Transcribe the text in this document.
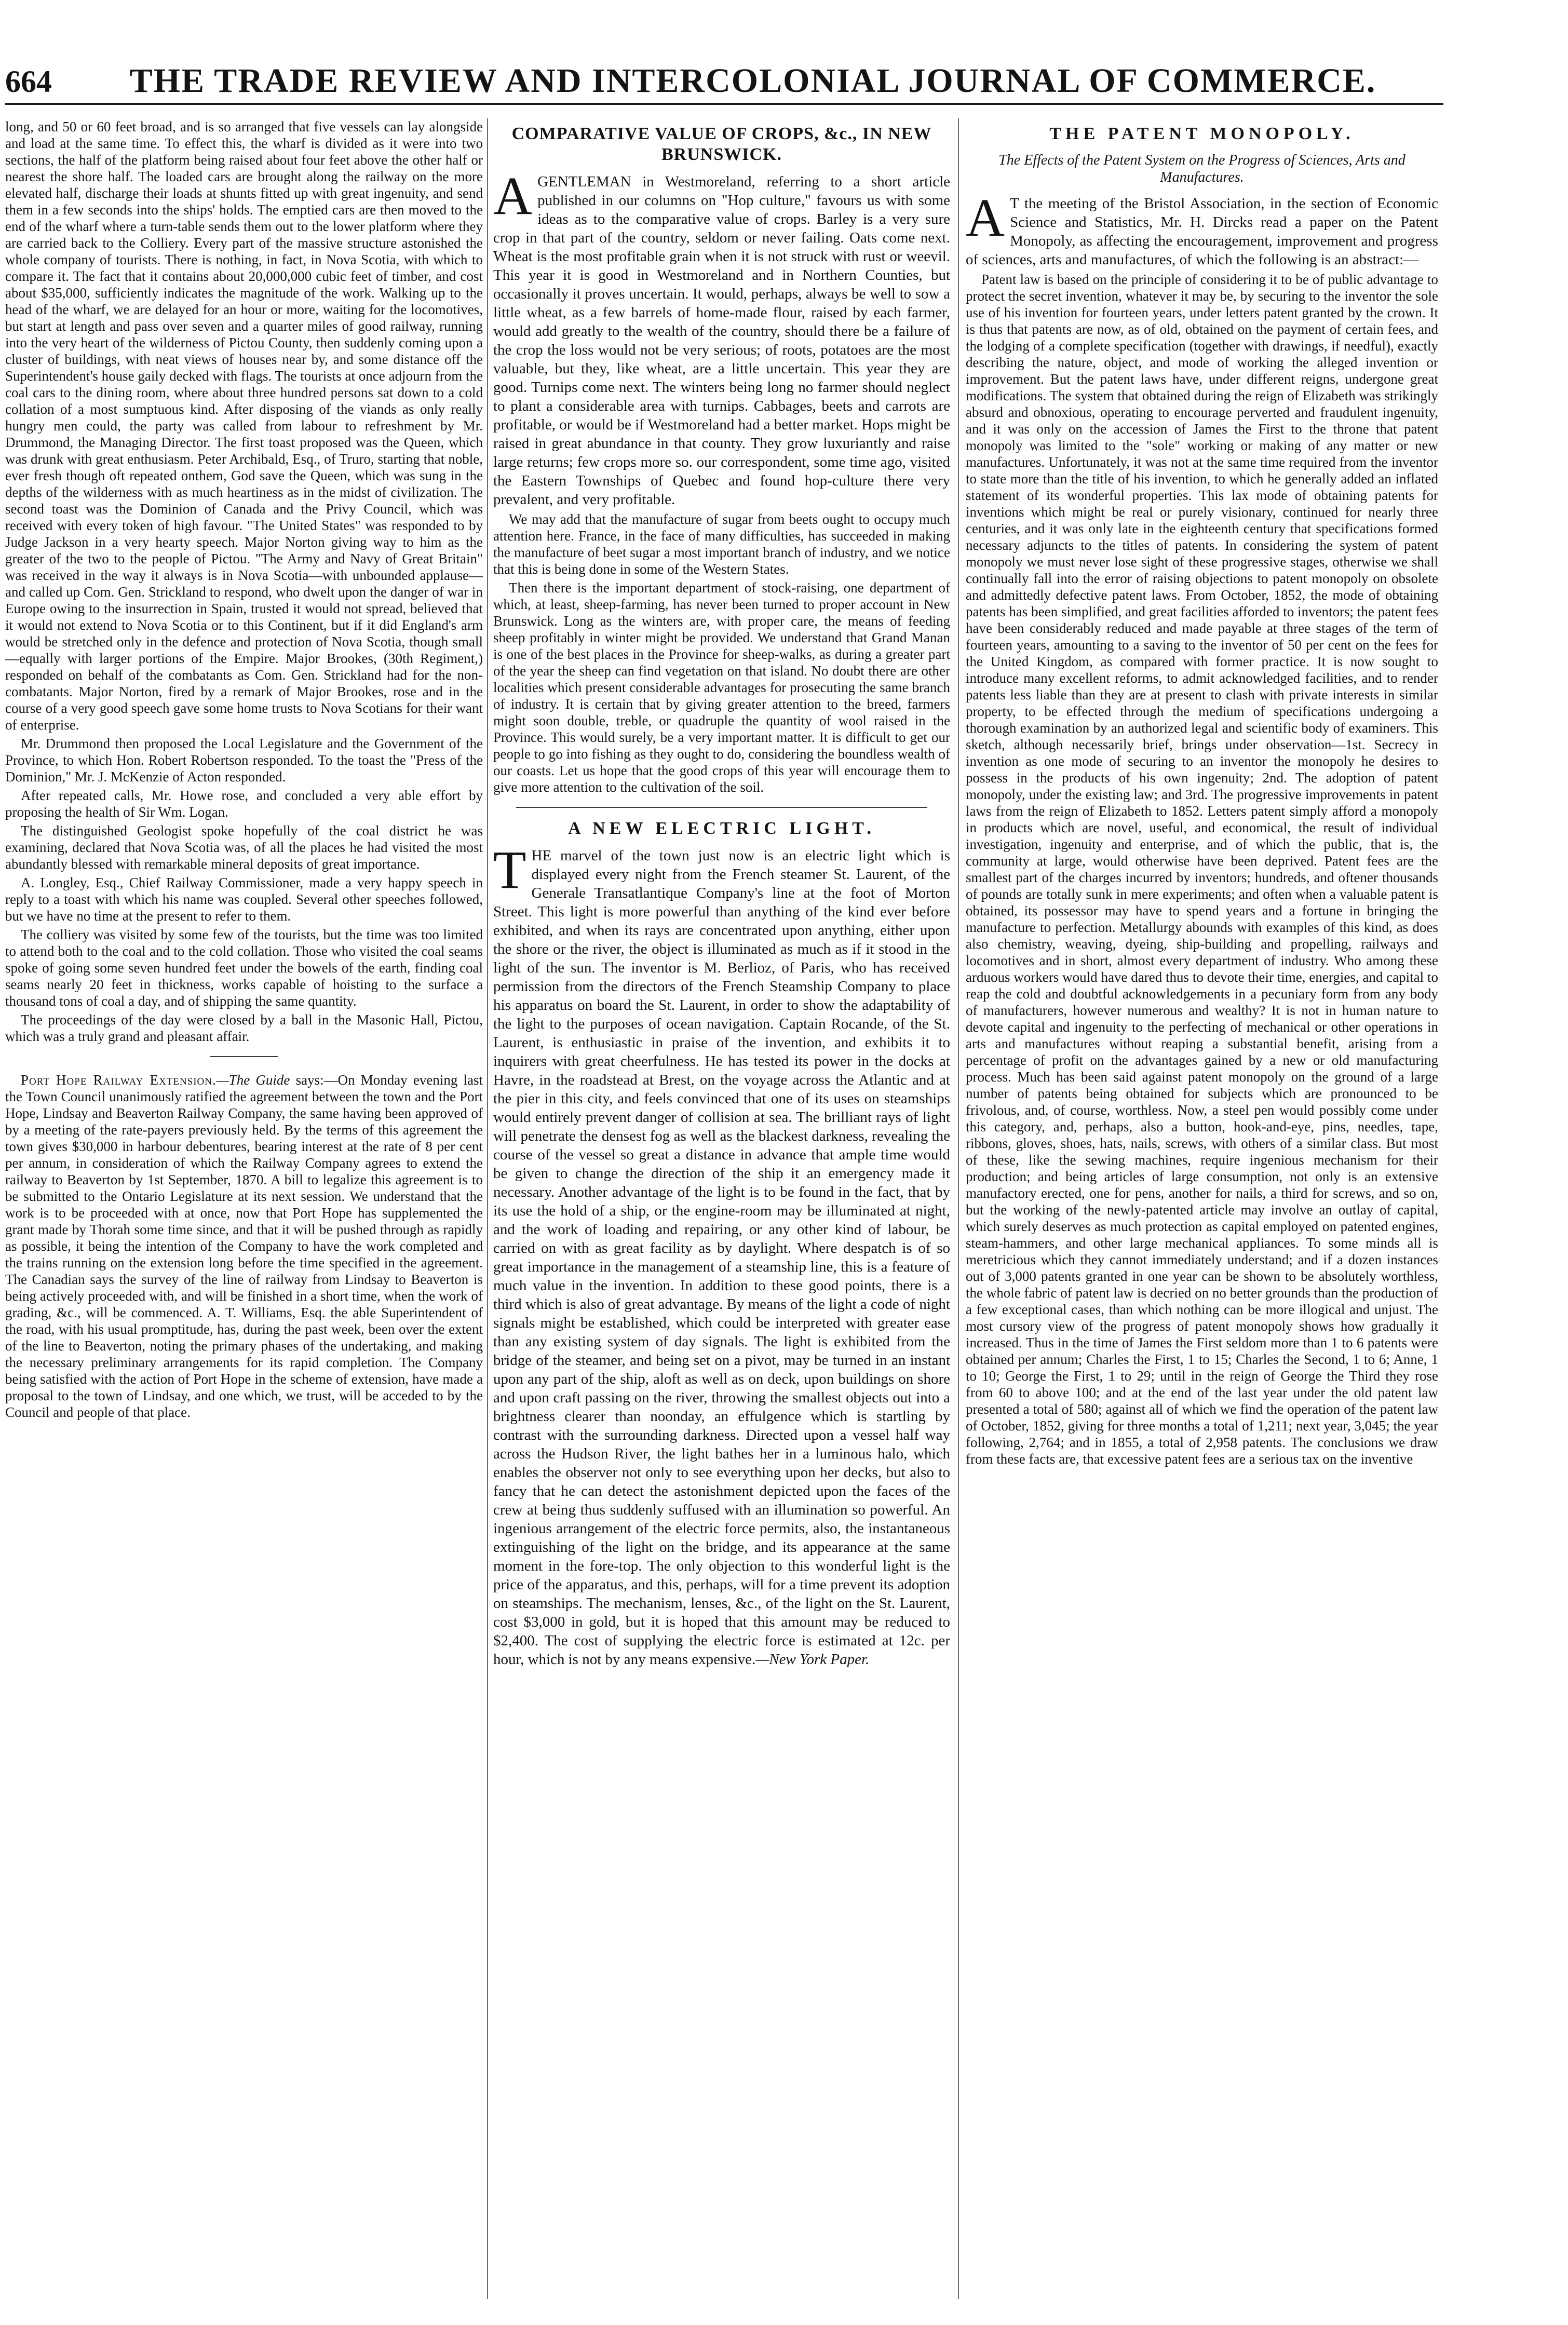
664	THE TRADE REVIEW AND INTERCOLONIAL JOURNAL OF COMMERCE.

long, and 50 or 60 feet broad, and is so arranged that five vessels can lay alongside and load at the same time. To effect this, the wharf is divided as it were into two sections, the half of the platform being raised about four feet above the other half or nearest the shore half. The loaded cars are brought along the railway on the more elevated half, discharge their loads at shunts fitted up with great ingenuity, and send them in a few seconds into the ships' holds. The emptied cars are then moved to the end of the wharf where a turn-table sends them out to the lower platform where they are carried back to the Colliery. Every part of the massive structure astonished the whole company of tourists. There is nothing, in fact, in Nova Scotia, with which to compare it. The fact that it contains about 20,000,000 cubic feet of timber, and cost about $35,000, sufficiently indicates the magnitude of the work. Walking up to the head of the wharf, we are delayed for an hour or more, waiting for the locomotives, but start at length and pass over seven and a quarter miles of good railway, running into the very heart of the wilderness of Pictou County, then suddenly coming upon a cluster of buildings, with neat views of houses near by, and some distance off the Superintendent's house gaily decked with flags. The tourists at once adjourn from the coal cars to the dining room, where about three hundred persons sat down to a cold collation of a most sumptuous kind. After disposing of the viands as only really hungry men could, the party was called from labour to refreshment by Mr. Drummond, the Managing Director. The first toast proposed was the Queen, which was drunk with great enthusiasm. Peter Archibald, Esq., of Truro, starting that noble, ever fresh though oft repeated onthem, God save the Queen, which was sung in the depths of the wilderness with as much heartiness as in the midst of civilization. The second toast was the Dominion of Canada and the Privy Council, which was received with every token of high favour. "The United States" was responded to by Judge Jackson in a very hearty speech. Major Norton giving way to him as the greater of the two to the people of Pictou. "The Army and Navy of Great Britain" was received in the way it always is in Nova Scotia—with unbounded applause—and called up Com. Gen. Strickland to respond, who dwelt upon the danger of war in Europe owing to the insurrection in Spain, trusted it would not spread, believed that it would not extend to Nova Scotia or to this Continent, but if it did England's arm would be stretched only in the defence and protection of Nova Scotia, though small—equally with larger portions of the Empire. Major Brookes, (30th Regiment,) responded on behalf of the combatants as Com. Gen. Strickland had for the non-combatants. Major Norton, fired by a remark of Major Brookes, rose and in the course of a very good speech gave some home trusts to Nova Scotians for their want of enterprise.

Mr. Drummond then proposed the Local Legislature and the Government of the Province, to which Hon. Robert Robertson responded. To the toast the "Press of the Dominion," Mr. J. McKenzie of Acton responded.

After repeated calls, Mr. Howe rose, and concluded a very able effort by proposing the health of Sir Wm. Logan.

The distinguished Geologist spoke hopefully of the coal district he was examining, declared that Nova Scotia was, of all the places he had visited the most abundantly blessed with remarkable mineral deposits of great importance.

A. Longley, Esq., Chief Railway Commissioner, made a very happy speech in reply to a toast with which his name was coupled. Several other speeches followed, but we have no time at the present to refer to them.

The colliery was visited by some few of the tourists, but the time was too limited to attend both to the coal and to the cold collation. Those who visited the coal seams spoke of going some seven hundred feet under the bowels of the earth, finding coal seams nearly 20 feet in thickness, works capable of hoisting to the surface a thousand tons of coal a day, and of shipping the same quantity.

The proceedings of the day were closed by a ball in the Masonic Hall, Pictou, which was a truly grand and pleasant affair.

Port Hope Railway Extension.—The Guide says:—On Monday evening last the Town Council unanimously ratified the agreement between the town and the Port Hope, Lindsay and Beaverton Railway Company, the same having been approved of by a meeting of the rate-payers previously held. By the terms of this agreement the town gives $30,000 in harbour debentures, bearing interest at the rate of 8 per cent per annum, in consideration of which the Railway Company agrees to extend the railway to Beaverton by 1st September, 1870. A bill to legalize this agreement is to be submitted to the Ontario Legislature at its next session. We understand that the work is to be proceeded with at once, now that Port Hope has supplemented the grant made by Thorah some time since, and that it will be pushed through as rapidly as possible, it being the intention of the Company to have the work completed and the trains running on the extension long before the time specified in the agreement. The Canadian says the survey of the line of railway from Lindsay to Beaverton is being actively proceeded with, and will be finished in a short time, when the work of grading, &c., will be commenced. A. T. Williams, Esq. the able Superintendent of the road, with his usual promptitude, has, during the past week, been over the extent of the line to Beaverton, noting the primary phases of the undertaking, and making the necessary preliminary arrangements for its rapid completion. The Company being satisfied with the action of Port Hope in the scheme of extension, have made a proposal to the town of Lindsay, and one which, we trust, will be acceded to by the Council and people of that place.

COMPARATIVE VALUE OF CROPS, &c., IN NEW BRUNSWICK.

AGENTLEMAN in Westmoreland, referring to a short article published in our columns on "Hop culture," favours us with some ideas as to the comparative value of crops. Barley is a very sure crop in that part of the country, seldom or never failing. Oats come next. Wheat is the most profitable grain when it is not struck with rust or weevil. This year it is good in Westmoreland and in Northern Counties, but occasionally it proves uncertain. It would, perhaps, always be well to sow a little wheat, as a few barrels of home-made flour, raised by each farmer, would add greatly to the wealth of the country, should there be a failure of the crop the loss would not be very serious; of roots, potatoes are the most valuable, but they, like wheat, are a little uncertain. This year they are good. Turnips come next. The winters being long no farmer should neglect to plant a considerable area with turnips. Cabbages, beets and carrots are profitable, or would be if Westmoreland had a better market. Hops might be raised in great abundance in that county. They grow luxuriantly and raise large returns; few crops more so. our correspondent, some time ago, visited the Eastern Townships of Quebec and found hop-culture there very prevalent, and very profitable.

We may add that the manufacture of sugar from beets ought to occupy much attention here. France, in the face of many difficulties, has succeeded in making the manufacture of beet sugar a most important branch of industry, and we notice that this is being done in some of the Western States.

Then there is the important department of stock-raising, one department of which, at least, sheep-farming, has never been turned to proper account in New Brunswick. Long as the winters are, with proper care, the means of feeding sheep profitably in winter might be provided. We understand that Grand Manan is one of the best places in the Province for sheep-walks, as during a greater part of the year the sheep can find vegetation on that island. No doubt there are other localities which present considerable advantages for prosecuting the same branch of industry. It is certain that by giving greater attention to the breed, farmers might soon double, treble, or quadruple the quantity of wool raised in the Province. This would surely, be a very important matter. It is difficult to get our people to go into fishing as they ought to do, considering the boundless wealth of our coasts. Let us hope that the good crops of this year will encourage them to give more attention to the cultivation of the soil.

A NEW ELECTRIC LIGHT.

THE marvel of the town just now is an electric light which is displayed every night from the French steamer St. Laurent, of the Generale Transatlantique Company's line at the foot of Morton Street. This light is more powerful than anything of the kind ever before exhibited, and when its rays are concentrated upon anything, either upon the shore or the river, the object is illuminated as much as if it stood in the light of the sun. The inventor is M. Berlioz, of Paris, who has received permission from the directors of the French Steamship Company to place his apparatus on board the St. Laurent, in order to show the adaptability of the light to the purposes of ocean navigation. Captain Rocande, of the St. Laurent, is enthusiastic in praise of the invention, and exhibits it to inquirers with great cheerfulness. He has tested its power in the docks at Havre, in the roadstead at Brest, on the voyage across the Atlantic and at the pier in this city, and feels convinced that one of its uses on steamships would entirely prevent danger of collision at sea. The brilliant rays of light will penetrate the densest fog as well as the blackest darkness, revealing the course of the vessel so great a distance in advance that ample time would be given to change the direction of the ship it an emergency made it necessary. Another advantage of the light is to be found in the fact, that by its use the hold of a ship, or the engine-room may be illuminated at night, and the work of loading and repairing, or any other kind of labour, be carried on with as great facility as by daylight. Where despatch is of so great importance in the management of a steamship line, this is a feature of much value in the invention. In addition to these good points, there is a third which is also of great advantage. By means of the light a code of night signals might be established, which could be interpreted with greater ease than any existing system of day signals. The light is exhibited from the bridge of the steamer, and being set on a pivot, may be turned in an instant upon any part of the ship, aloft as well as on deck, upon buildings on shore and upon craft passing on the river, throwing the smallest objects out into a brightness clearer than noonday, an effulgence which is startling by contrast with the surrounding darkness. Directed upon a vessel half way across the Hudson River, the light bathes her in a luminous halo, which enables the observer not only to see everything upon her decks, but also to fancy that he can detect the astonishment depicted upon the faces of the crew at being thus suddenly suffused with an illumination so powerful. An ingenious arrangement of the electric force permits, also, the instantaneous extinguishing of the light on the bridge, and its appearance at the same moment in the fore-top. The only objection to this wonderful light is the price of the apparatus, and this, perhaps, will for a time prevent its adoption on steamships. The mechanism, lenses, &c., of the light on the St. Laurent, cost $3,000 in gold, but it is hoped that this amount may be reduced to $2,400. The cost of supplying the electric force is estimated at 12c. per hour, which is not by any means expensive.—New York Paper.

THE PATENT MONOPOLY.
The Effects of the Patent System on the Progress of Sciences, Arts and Manufactures.

A T the meeting of the Bristol Association, in the section of Economic Science and Statistics, Mr. H. Dircks read a paper on the Patent Monopoly, as affecting the encouragement, improvement and progress of sciences, arts and manufactures, of which the following is an abstract:—

Patent law is based on the principle of considering it to be of public advantage to protect the secret invention, whatever it may be, by securing to the inventor the sole use of his invention for fourteen years, under letters patent granted by the crown. It is thus that patents are now, as of old, obtained on the payment of certain fees, and the lodging of a complete specification (together with drawings, if needful), exactly describing the nature, object, and mode of working the alleged invention or improvement. But the patent laws have, under different reigns, undergone great modifications. The system that obtained during the reign of Elizabeth was strikingly absurd and obnoxious, operating to encourage perverted and fraudulent ingenuity, and it was only on the accession of James the First to the throne that patent monopoly was limited to the "sole" working or making of any matter or new manufactures. Unfortunately, it was not at the same time required from the inventor to state more than the title of his invention, to which he generally added an inflated statement of its wonderful properties. This lax mode of obtaining patents for inventions which might be real or purely visionary, continued for nearly three centuries, and it was only late in the eighteenth century that specifications formed necessary adjuncts to the titles of patents. In considering the system of patent monopoly we must never lose sight of these progressive stages, otherwise we shall continually fall into the error of raising objections to patent monopoly on obsolete and admittedly defective patent laws. From October, 1852, the mode of obtaining patents has been simplified, and great facilities afforded to inventors; the patent fees have been considerably reduced and made payable at three stages of the term of fourteen years, amounting to a saving to the inventor of 50 per cent on the fees for the United Kingdom, as compared with former practice. It is now sought to introduce many excellent reforms, to admit acknowledged facilities, and to render patents less liable than they are at present to clash with private interests in similar property, to be effected through the medium of specifications undergoing a thorough examination by an authorized legal and scientific body of examiners. This sketch, although necessarily brief, brings under observation—1st. Secrecy in invention as one mode of securing to an inventor the monopoly he desires to possess in the products of his own ingenuity; 2nd. The adoption of patent monopoly, under the existing law; and 3rd. The progressive improvements in patent laws from the reign of Elizabeth to 1852. Letters patent simply afford a monopoly in products which are novel, useful, and economical, the result of individual investigation, ingenuity and enterprise, and of which the public, that is, the community at large, would otherwise have been deprived. Patent fees are the smallest part of the charges incurred by inventors; hundreds, and oftener thousands of pounds are totally sunk in mere experiments; and often when a valuable patent is obtained, its possessor may have to spend years and a fortune in bringing the manufacture to perfection. Metallurgy abounds with examples of this kind, as does also chemistry, weaving, dyeing, ship-building and propelling, railways and locomotives and in short, almost every department of industry. Who among these arduous workers would have dared thus to devote their time, energies, and capital to reap the cold and doubtful acknowledgements in a pecuniary form from any body of manufacturers, however numerous and wealthy? It is not in human nature to devote capital and ingenuity to the perfecting of mechanical or other operations in arts and manufactures without reaping a substantial benefit, arising from a percentage of profit on the advantages gained by a new or old manufacturing process. Much has been said against patent monopoly on the ground of a large number of patents being obtained for subjects which are pronounced to be frivolous, and, of course, worthless. Now, a steel pen would possibly come under this category, and, perhaps, also a button, hook-and-eye, pins, needles, tape, ribbons, gloves, shoes, hats, nails, screws, with others of a similar class. But most of these, like the sewing machines, require ingenious mechanism for their production; and being articles of large consumption, not only is an extensive manufactory erected, one for pens, another for nails, a third for screws, and so on, but the working of the newly-patented article may involve an outlay of capital, which surely deserves as much protection as capital employed on patented engines, steam-hammers, and other large mechanical appliances. To some minds all is meretricious which they cannot immediately understand; and if a dozen instances out of 3,000 patents granted in one year can be shown to be absolutely worthless, the whole fabric of patent law is decried on no better grounds than the production of a few exceptional cases, than which nothing can be more illogical and unjust. The most cursory view of the progress of patent monopoly shows how gradually it increased. Thus in the time of James the First seldom more than 1 to 6 patents were obtained per annum; Charles the First, 1 to 15; Charles the Second, 1 to 6; Anne, 1 to 10; George the First, 1 to 29; until in the reign of George the Third they rose from 60 to above 100; and at the end of the last year under the old patent law presented a total of 580; against all of which we find the operation of the patent law of October, 1852, giving for three months a total of 1,211; next year, 3,045; the year following, 2,764; and in 1855, a total of 2,958 patents. The conclusions we draw from these facts are, that excessive patent fees are a serious tax on the inventive
